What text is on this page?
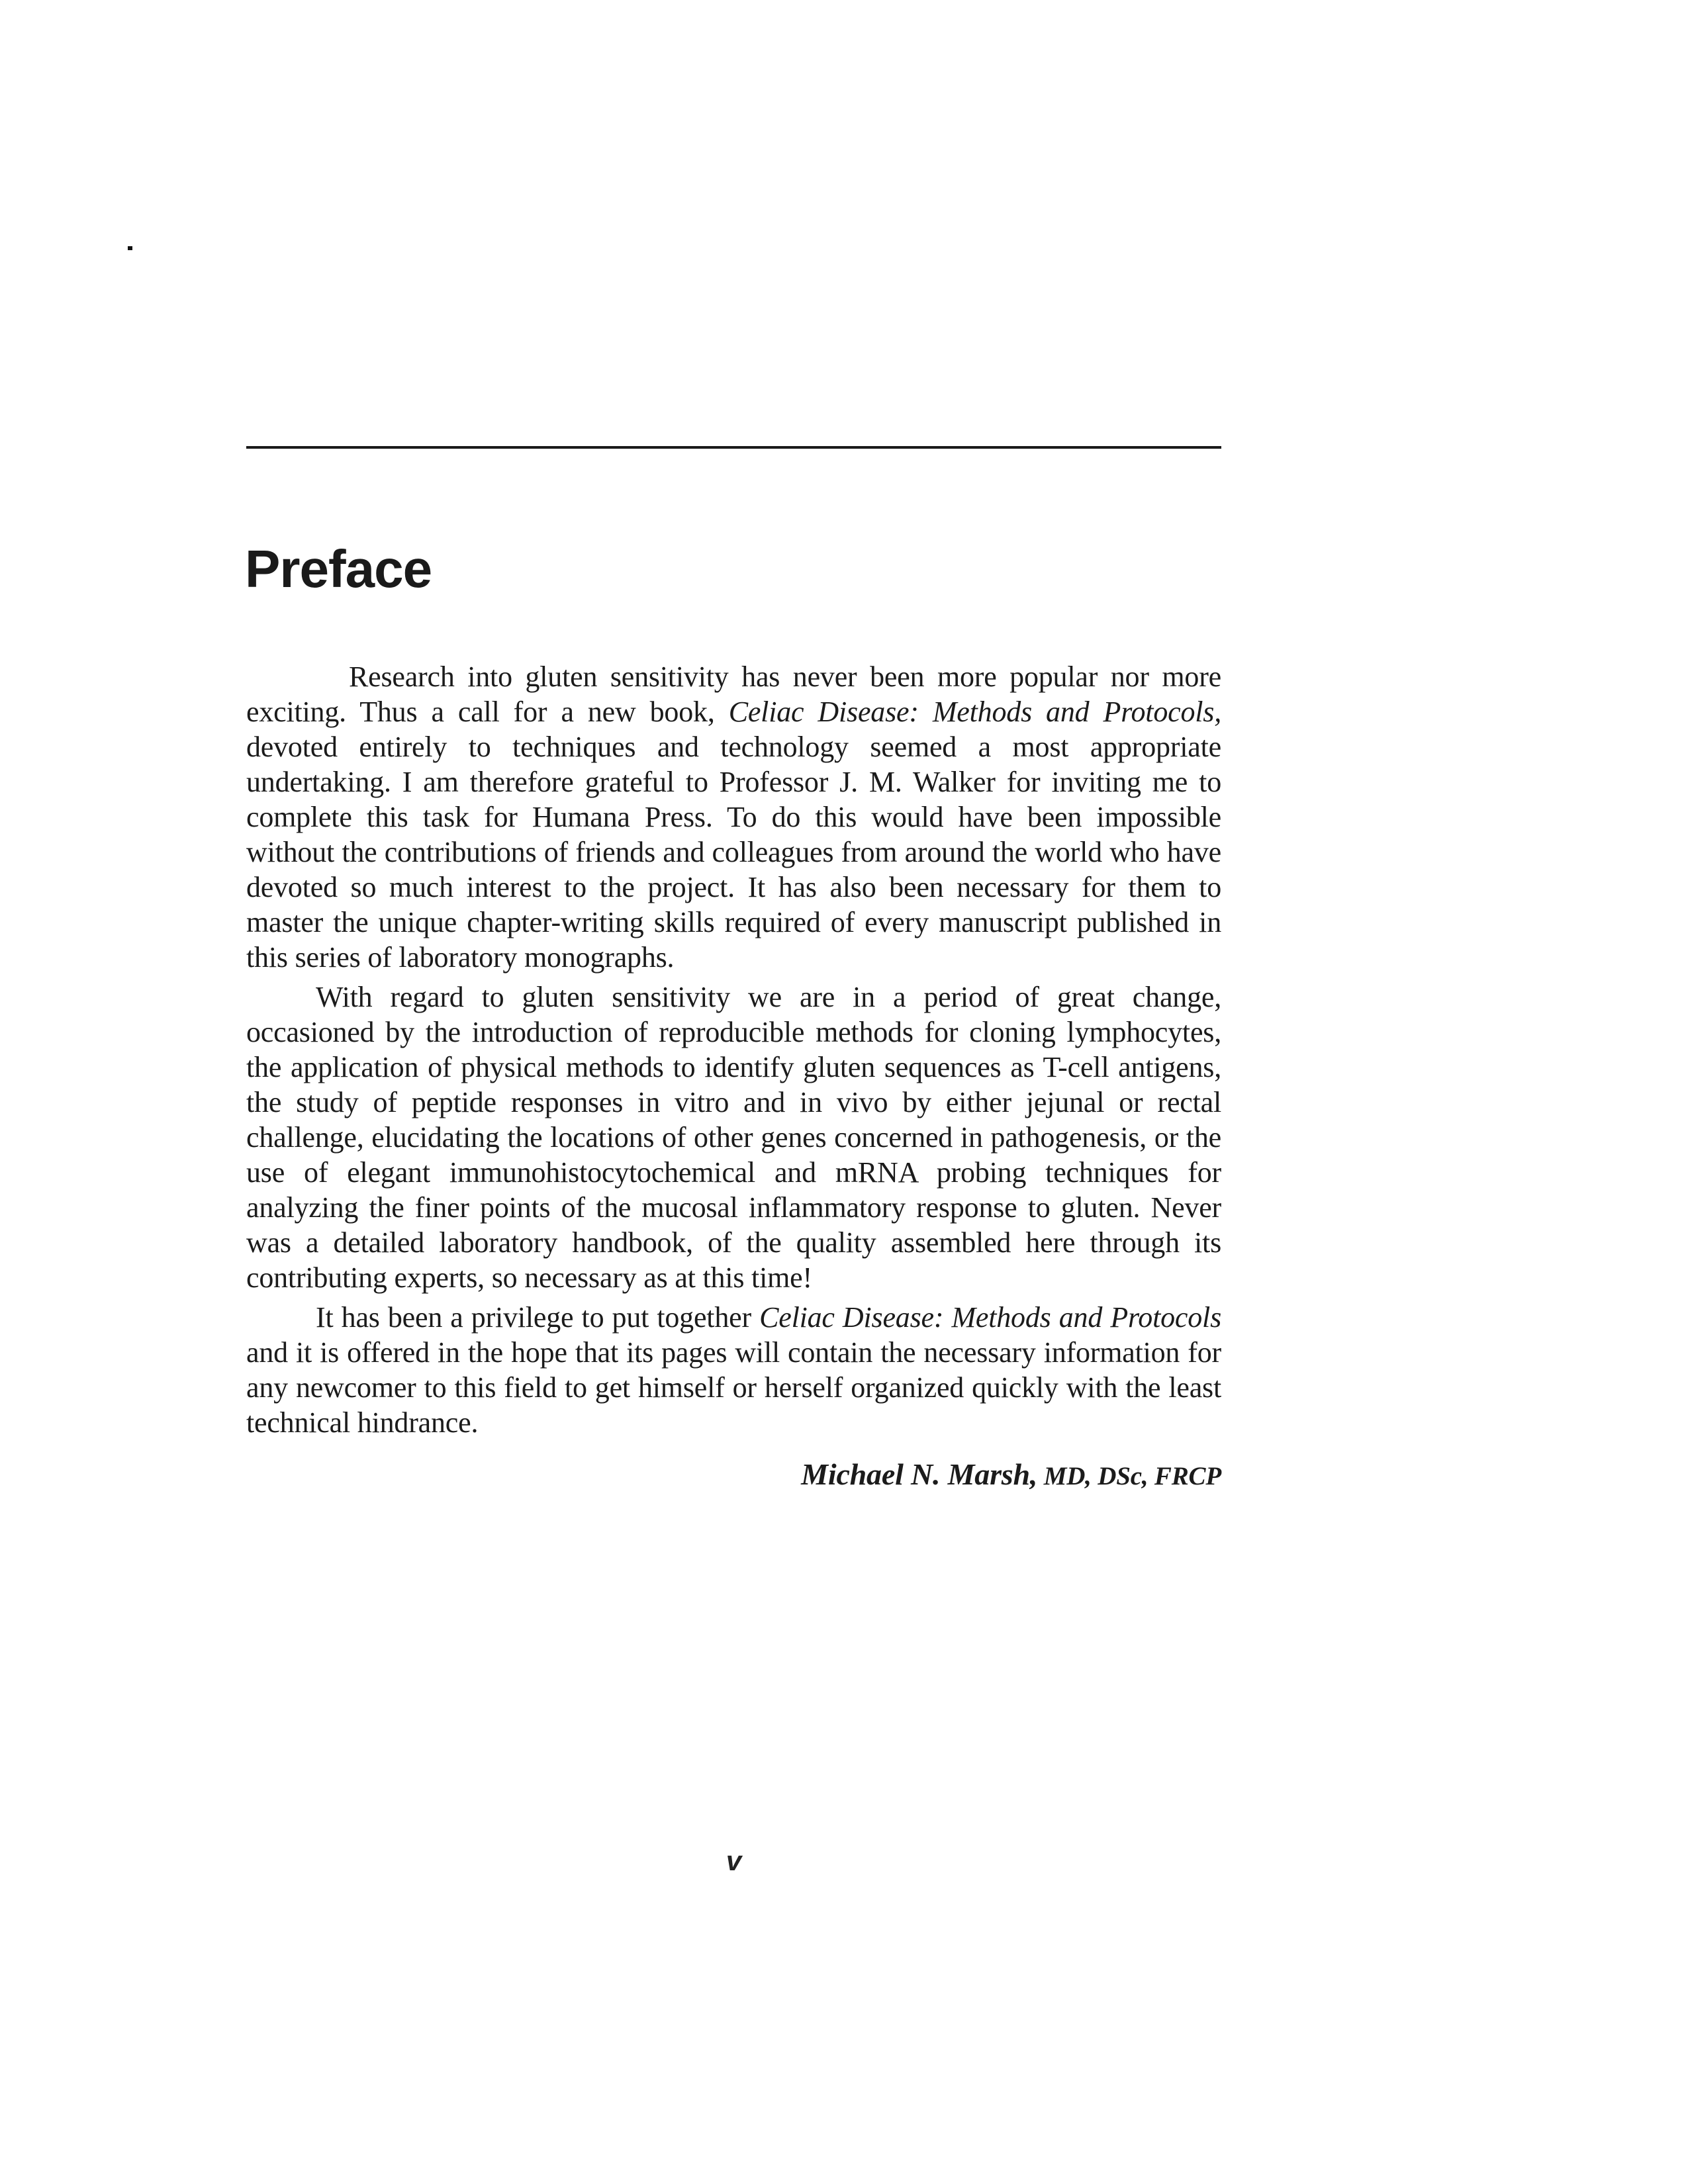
Preface

Research into gluten sensitivity has never been more popular nor more exciting. Thus a call for a new book, Celiac Disease: Methods and Protocols, devoted entirely to techniques and technology seemed a most appropriate undertaking. I am therefore grateful to Professor J. M. Walker for inviting me to complete this task for Humana Press. To do this would have been impossible without the contributions of friends and colleagues from around the world who have devoted so much interest to the project. It has also been necessary for them to master the unique chapter-writing skills required of every manuscript published in this series of laboratory monographs.

With regard to gluten sensitivity we are in a period of great change, occasioned by the introduction of reproducible methods for cloning lymphocytes, the application of physical methods to identify gluten sequences as T-cell antigens, the study of peptide responses in vitro and in vivo by either jejunal or rectal challenge, elucidating the locations of other genes concerned in pathogenesis, or the use of elegant immunohistocytochemical and mRNA probing techniques for analyzing the finer points of the mucosal inflammatory response to gluten. Never was a detailed laboratory handbook, of the quality assembled here through its contributing experts, so necessary as at this time!

It has been a privilege to put together Celiac Disease: Methods and Protocols and it is offered in the hope that its pages will contain the necessary information for any newcomer to this field to get himself or herself organized quickly with the least technical hindrance.

Michael N. Marsh, MD, DSc, FRCP
v
